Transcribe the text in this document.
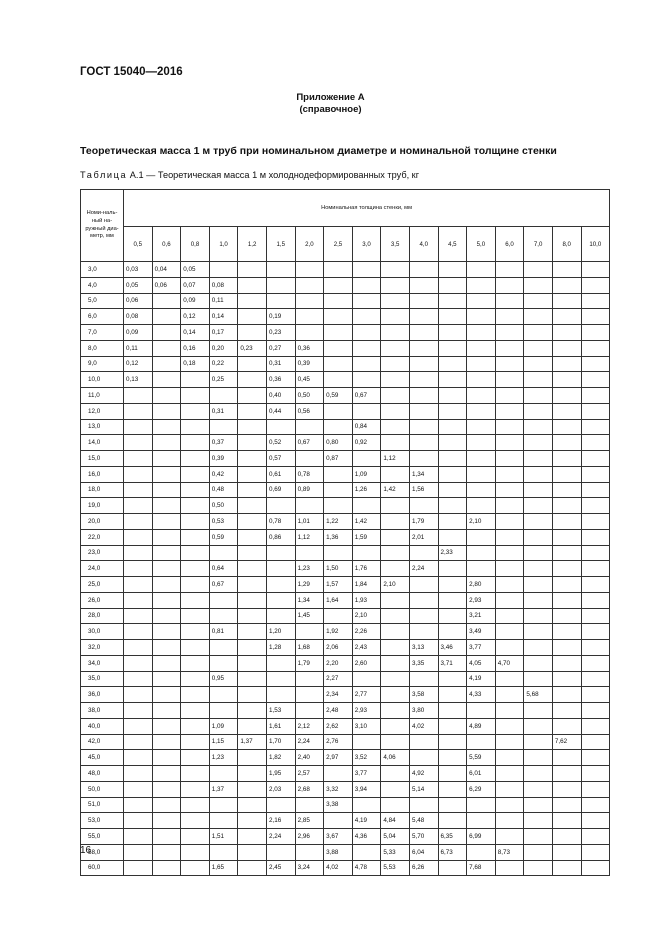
ГОСТ 15040—2016
Приложение А
(справочное)
Теоретическая масса 1 м труб при номинальном диаметре и номинальной толщине стенки
Таблица А.1 — Теоретическая масса 1 м холоднодеформированных труб, кг
Номи-наль-ный на-ружный диа-метр, мм	Номинальная толщина стенки, мм																
	0,5	0,6	0,8	1,0	1,2	1,5	2,0	2,5	3,0	3,5	4,0	4,5	5,0	6,0	7,0	8,0	10,0
3,0	0,03	0,04	0,05														
4,0	0,05	0,06	0,07	0,08													
5,0	0,06		0,09	0,11													
6,0	0,08		0,12	0,14		0,19											
7,0	0,09		0,14	0,17		0,23											
8,0	0,11		0,16	0,20	0,23	0,27	0,36										
9,0	0,12		0,18	0,22		0,31	0,39										
10,0	0,13			0,25		0,36	0,45										
11,0						0,40	0,50	0,59	0,67								
12,0				0,31		0,44	0,56										
13,0									0,84								
14,0				0,37		0,52	0,67	0,80	0,92								
15,0				0,39		0,57		0,87		1,12							
16,0				0,42		0,61	0,78		1,09		1,34						
18,0				0,48		0,69	0,89		1,26	1,42	1,56						
19,0				0,50													
20,0				0,53		0,78	1,01	1,22	1,42		1,79		2,10				
22,0				0,59		0,86	1,12	1,36	1,59		2,01						
23,0												2,33					
24,0				0,64			1,23	1,50	1,76		2,24						
25,0				0,67			1,29	1,57	1,84	2,10			2,80				
26,0							1,34	1,64	1,93				2,93				
28,0							1,45		2,10				3,21				
30,0				0,81		1,20		1,92	2,26				3,49				
32,0						1,28	1,68	2,06	2,43		3,13	3,46	3,77				
34,0							1,79	2,20	2,60		3,35	3,71	4,05	4,70			
35,0				0,95				2,27					4,19				
36,0								2,34	2,77		3,58		4,33		5,68		
38,0						1,53		2,48	2,93		3,80						
40,0				1,09		1,61	2,12	2,62	3,10		4,02		4,89				
42,0				1,15	1,37	1,70	2,24	2,76								7,62	
45,0				1,23		1,82	2,40	2,97	3,52	4,06			5,59				
48,0						1,95	2,57		3,77		4,92		6,01				
50,0				1,37		2,03	2,68	3,32	3,94		5,14		6,29				
51,0								3,38									
53,0						2,16	2,85		4,19	4,84	5,48						
55,0				1,51		2,24	2,96	3,67	4,36	5,04	5,70	6,35	6,99				
58,0								3,88		5,33	6,04	6,73		8,73			
60,0				1,65		2,45	3,24	4,02	4,78	5,53	6,26		7,68				
16
